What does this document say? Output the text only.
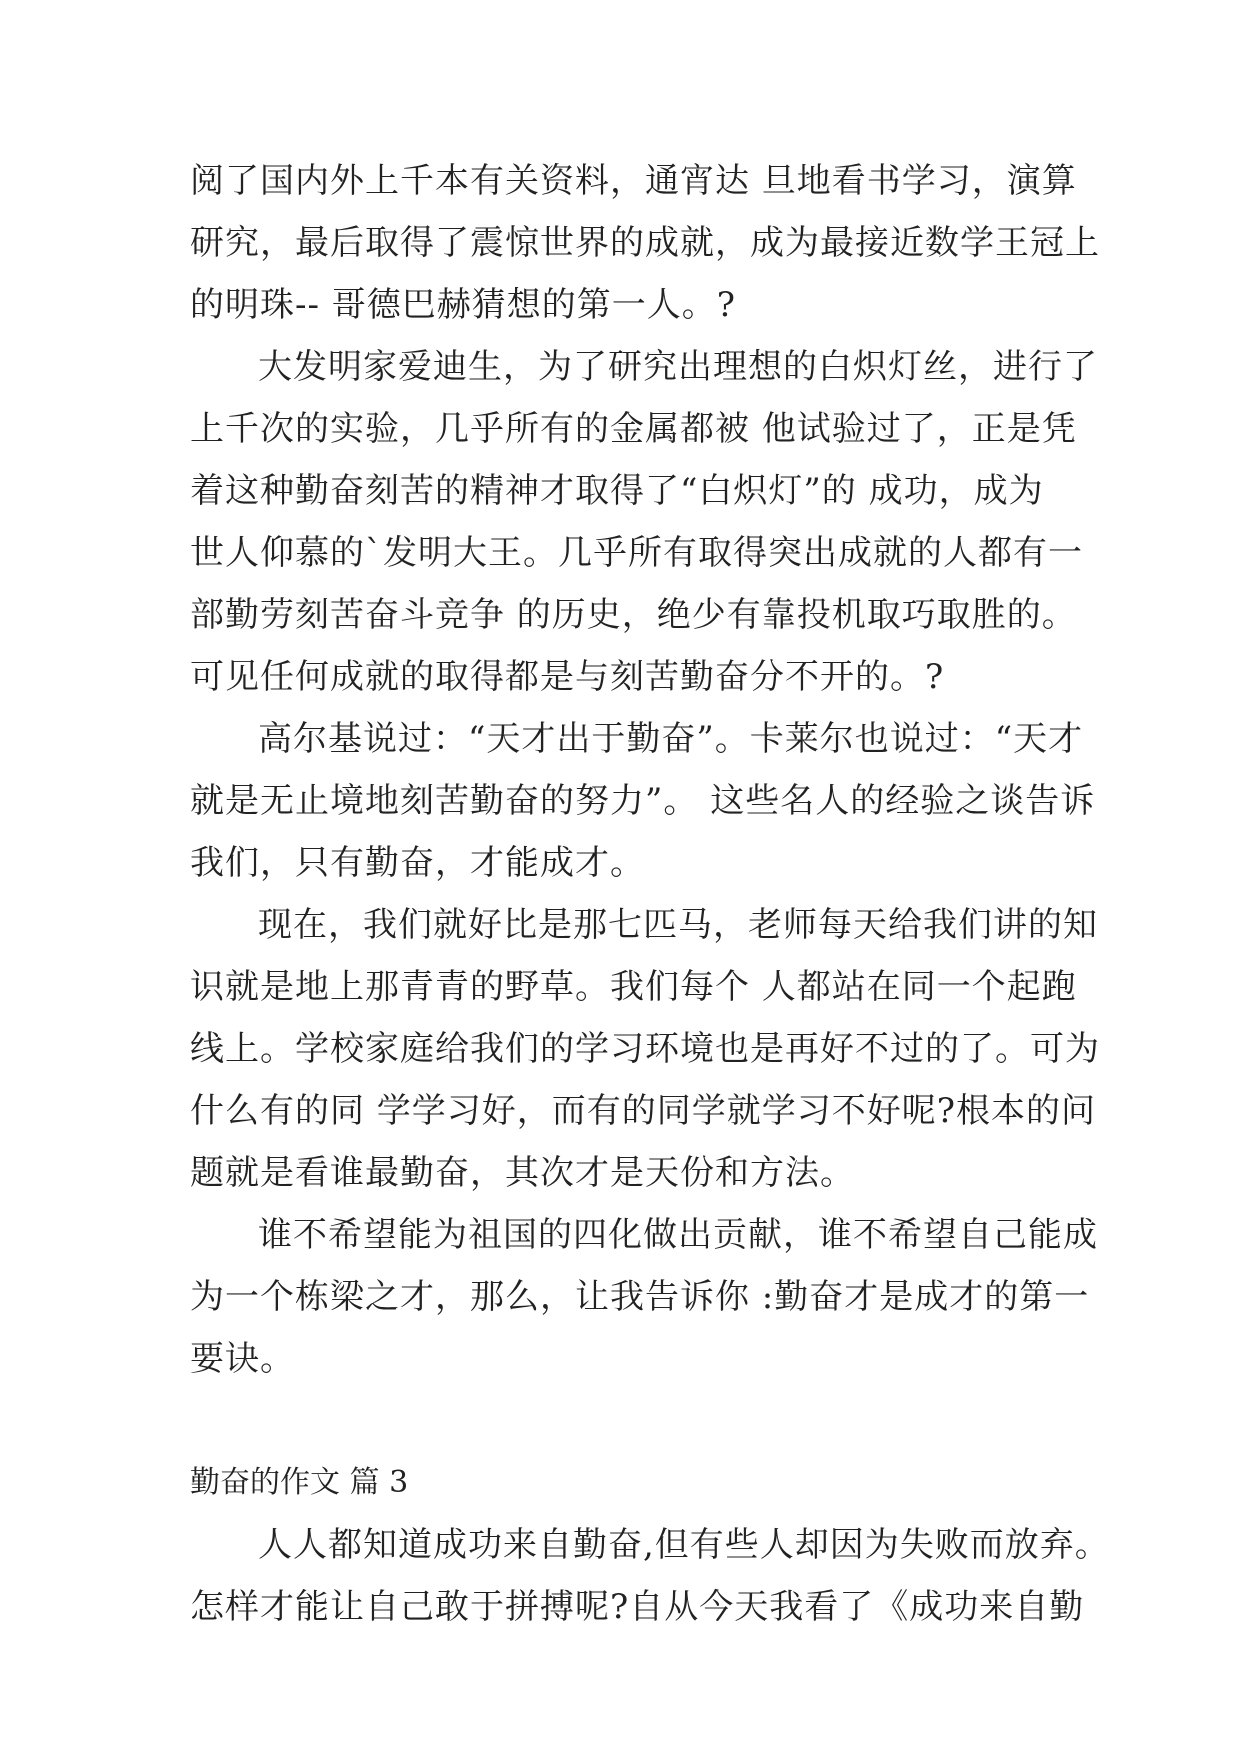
阅了国内外上千本有关资料，通宵达 旦地看书学习，演算
研究，最后取得了震惊世界的成就，成为最接近数学王冠上
的明珠-- 哥德巴赫猜想的第一人。?
大发明家爱迪生，为了研究出理想的白炽灯丝，进行了
上千次的实验，几乎所有的金属都被 他试验过了，正是凭
着这种勤奋刻苦的精神才取得了“白炽灯”的 成功，成为
世人仰慕的`发明大王。几乎所有取得突出成就的人都有一
部勤劳刻苦奋斗竞争 的历史，绝少有靠投机取巧取胜的。
可见任何成就的取得都是与刻苦勤奋分不开的。?
高尔基说过：“天才出于勤奋”。卡莱尔也说过：“天才
就是无止境地刻苦勤奋的努力”。 这些名人的经验之谈告诉
我们，只有勤奋，才能成才。
现在，我们就好比是那七匹马，老师每天给我们讲的知
识就是地上那青青的野草。我们每个 人都站在同一个起跑
线上。学校家庭给我们的学习环境也是再好不过的了。可为
什么有的同 学学习好，而有的同学就学习不好呢?根本的问
题就是看谁最勤奋，其次才是天份和方法。
谁不希望能为祖国的四化做出贡献，谁不希望自己能成
为一个栋梁之才，那么，让我告诉你 :勤奋才是成才的第一
要诀。
勤奋的作文 篇 3
人人都知道成功来自勤奋,但有些人却因为失败而放弃。
怎样才能让自己敢于拼搏呢?自从今天我看了《成功来自勤
